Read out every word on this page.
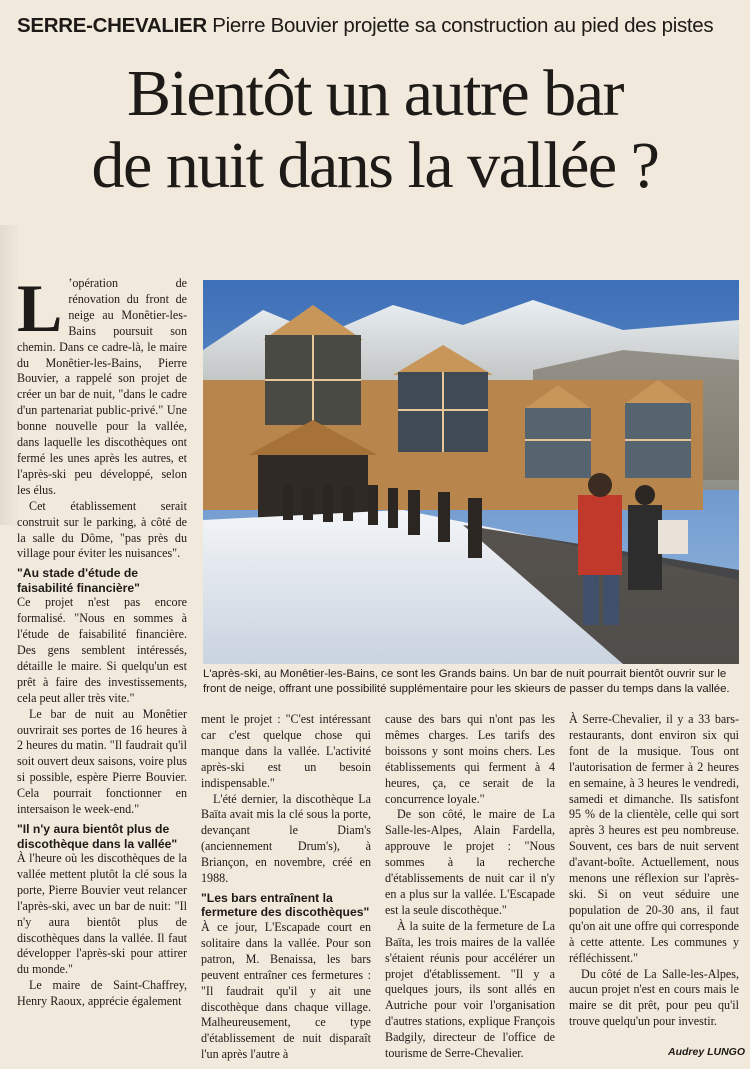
SERRE-CHEVALIER Pierre Bouvier projette sa construction au pied des pistes
Bientôt un autre bar
de nuit dans la vallée ?

L ’opération de rénovation du front de neige au Monêtier-les-Bains poursuit son chemin. Dans ce cadre-là, le maire du Monêtier-les-Bains, Pierre Bouvier, a rappelé son projet de créer un bar de nuit, "dans le cadre d'un partenariat public-privé." Une bonne nouvelle pour la vallée, dans laquelle les discothèques ont fermé les unes après les autres, et l'après-ski peu développé, selon les élus.

Cet établissement serait construit sur le parking, à côté de la salle du Dôme, "pas près du village pour éviter les nuisances".

"Au stade d'étude de faisabilité financière"

Ce projet n'est pas encore formalisé. "Nous en sommes à l'étude de faisabilité financière. Des gens semblent intéressés, détaille le maire. Si quelqu'un est prêt à faire des investissements, cela peut aller très vite."

Le bar de nuit au Monêtier ouvrirait ses portes de 16 heures à 2 heures du matin. "Il faudrait qu'il soit ouvert deux saisons, voire plus si possible, espère Pierre Bouvier. Cela pourrait fonctionner en intersaison le week-end."

"Il n'y aura bientôt plus de discothèque dans la vallée"

À l'heure où les discothèques de la vallée mettent plutôt la clé sous la porte, Pierre Bouvier veut relancer l'après-ski, avec un bar de nuit: "Il n'y aura bientôt plus de discothèques dans la vallée. Il faut développer l'après-ski pour attirer du monde."

Le maire de Saint-Chaffrey, Henry Raoux, apprécie également

ment le projet : "C'est intéressant car c'est quelque chose qui manque dans la vallée. L'activité après-ski est un besoin indispensable."

L'été dernier, la discothèque La Baïta avait mis la clé sous la porte, devançant le Diam's (anciennement Drum's), à Briançon, en novembre, créé en 1988.

"Les bars entraînent la fermeture des discothèques"

À ce jour, L'Escapade court en solitaire dans la vallée. Pour son patron, M. Benaissa, les bars peuvent entraîner ces fermetures : "Il faudrait qu'il y ait une discothèque dans chaque village. Malheureusement, ce type d'établissement de nuit disparaît l'un après l'autre à

cause des bars qui n'ont pas les mêmes charges. Les tarifs des boissons y sont moins chers. Les établissements qui ferment à 4 heures, ça, ce serait de la concurrence loyale."

De son côté, le maire de La Salle-les-Alpes, Alain Fardella, approuve le projet : "Nous sommes à la recherche d'établissements de nuit car il n'y en a plus sur la vallée. L'Escapade est la seule discothèque."

À la suite de la fermeture de La Baïta, les trois maires de la vallée s'étaient réunis pour accélérer un projet d'établissement. "Il y a quelques jours, ils sont allés en Autriche pour voir l'organisation d'autres stations, explique François Badgily, directeur de l'office de tourisme de Serre-Chevalier.

À Serre-Chevalier, il y a 33 bars-restaurants, dont environ six qui font de la musique. Tous ont l'autorisation de fermer à 2 heures en semaine, à 3 heures le vendredi, samedi et dimanche. Ils satisfont 95 % de la clientèle, celle qui sort après 3 heures est peu nombreuse. Souvent, ces bars de nuit servent d'avant-boîte. Actuellement, nous menons une réflexion sur l'après-ski. Si on veut séduire une population de 20-30 ans, il faut qu'on ait une offre qui corresponde à cette attente. Les communes y réfléchissent."

Du côté de La Salle-les-Alpes, aucun projet n'est en cours mais le maire se dit prêt, pour peu qu'il trouve quelqu'un pour investir.

L'après-ski, au Monêtier-les-Bains, ce sont les Grands bains. Un bar de nuit pourrait bientôt ouvrir sur le front de neige, offrant une possibilité supplémentaire pour les skieurs de passer du temps dans la vallée.
Audrey LUNGO
